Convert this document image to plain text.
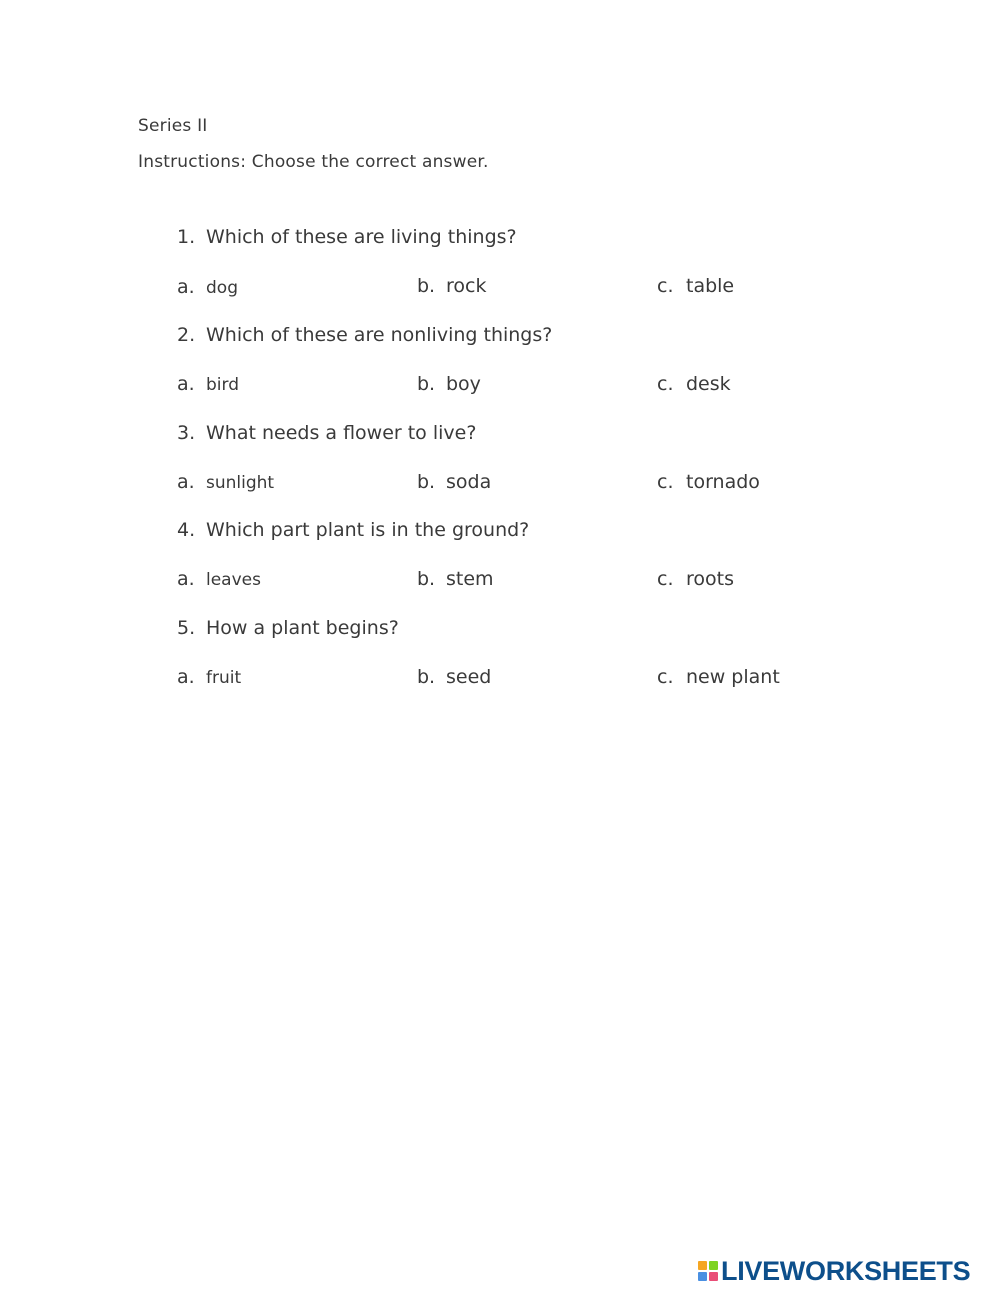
Series II
Instructions: Choose the correct answer.
1. Which of these are living things?
a. dog	b. rock	c. table
2. Which of these are nonliving things?
a. bird	b. boy	c. desk
3. What needs a flower to live?
a. sunlight	b. soda	c. tornado
4. Which part plant is in the ground?
a. leaves	b. stem	c. roots
5. How a plant begins?
a. fruit	b. seed	c. new plant
LIVEWORKSHEETS
